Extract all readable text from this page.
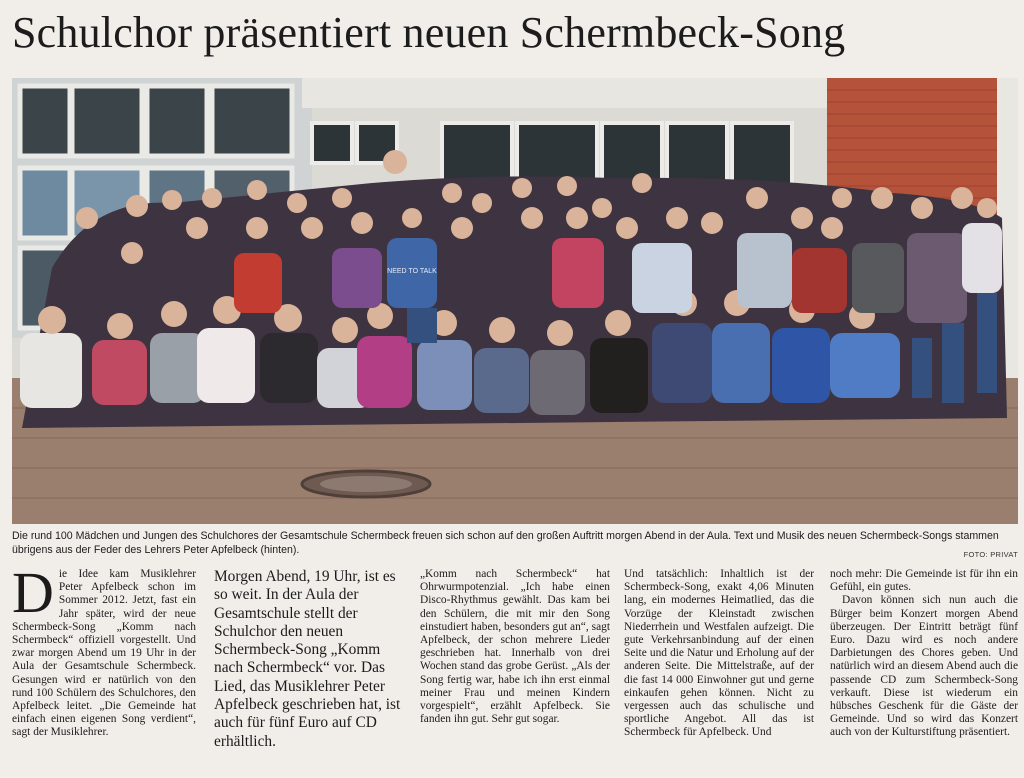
Schulchor präsentiert neuen Schermbeck-Song
NEED TO TALK

Die rund 100 Mädchen und Jungen des Schulchores der Gesamtschule Schermbeck freuen sich schon auf den großen Auftritt morgen Abend in der Aula. Text und Musik des neuen Schermbeck-Songs stammen übrigens aus der Feder des Lehrers Peter Apfelbeck (hinten).	FOTO: PRIVAT

Die Idee kam Musiklehrer Peter Apfelbeck schon im Sommer 2012. Jetzt, fast ein Jahr später, wird der neue Schermbeck-Song „Komm nach Schermbeck“ offiziell vorgestellt. Und zwar morgen Abend um 19 Uhr in der Aula der Gesamtschule Schermbeck. Gesungen wird er natürlich von den rund 100 Schülern des Schulchores, den Apfelbeck leitet. „Die Gemeinde hat einfach einen eigenen Song verdient“, sagt der Musiklehrer.

Morgen Abend, 19 Uhr, ist es so weit. In der Aula der Gesamtschule stellt der Schulchor den neuen Schermbeck-Song „Komm nach Schermbeck“ vor. Das Lied, das Musiklehrer Peter Apfelbeck geschrieben hat, ist auch für fünf Euro auf CD erhältlich.

„Komm nach Schermbeck“ hat Ohrwurmpotenzial. „Ich habe einen Disco-Rhythmus gewählt. Das kam bei den Schülern, die mit mir den Song einstudiert haben, besonders gut an“, sagt Apfelbeck, der schon mehrere Lieder geschrieben hat. Innerhalb von drei Wochen stand das grobe Gerüst. „Als der Song fertig war, habe ich ihn erst einmal meiner Frau und meinen Kindern vorgespielt“, erzählt Apfelbeck. Sie fanden ihn gut. Sehr gut sogar.

Und tatsächlich: Inhaltlich ist der Schermbeck-Song, exakt 4,06 Minuten lang, ein modernes Heimatlied, das die Vorzüge der Kleinstadt zwischen Niederrhein und Westfalen aufzeigt. Die gute Verkehrsanbindung auf der einen Seite und die Natur und Erholung auf der anderen Seite. Die Mittelstraße, auf der die fast 14 000 Einwohner gut und gerne einkaufen gehen können. Nicht zu vergessen auch das schulische und sportliche Angebot. All das ist Schermbeck für Apfelbeck. Und

noch mehr: Die Gemeinde ist für ihn ein Gefühl, ein gutes.

Davon können sich nun auch die Bürger beim Konzert morgen Abend überzeugen. Der Eintritt beträgt fünf Euro. Dazu wird es noch andere Darbietungen des Chores geben. Und natürlich wird an diesem Abend auch die passende CD zum Schermbeck-Song verkauft. Diese ist wiederum ein hübsches Geschenk für die Gäste der Gemeinde. Und so wird das Konzert auch von der Kulturstiftung präsentiert.
